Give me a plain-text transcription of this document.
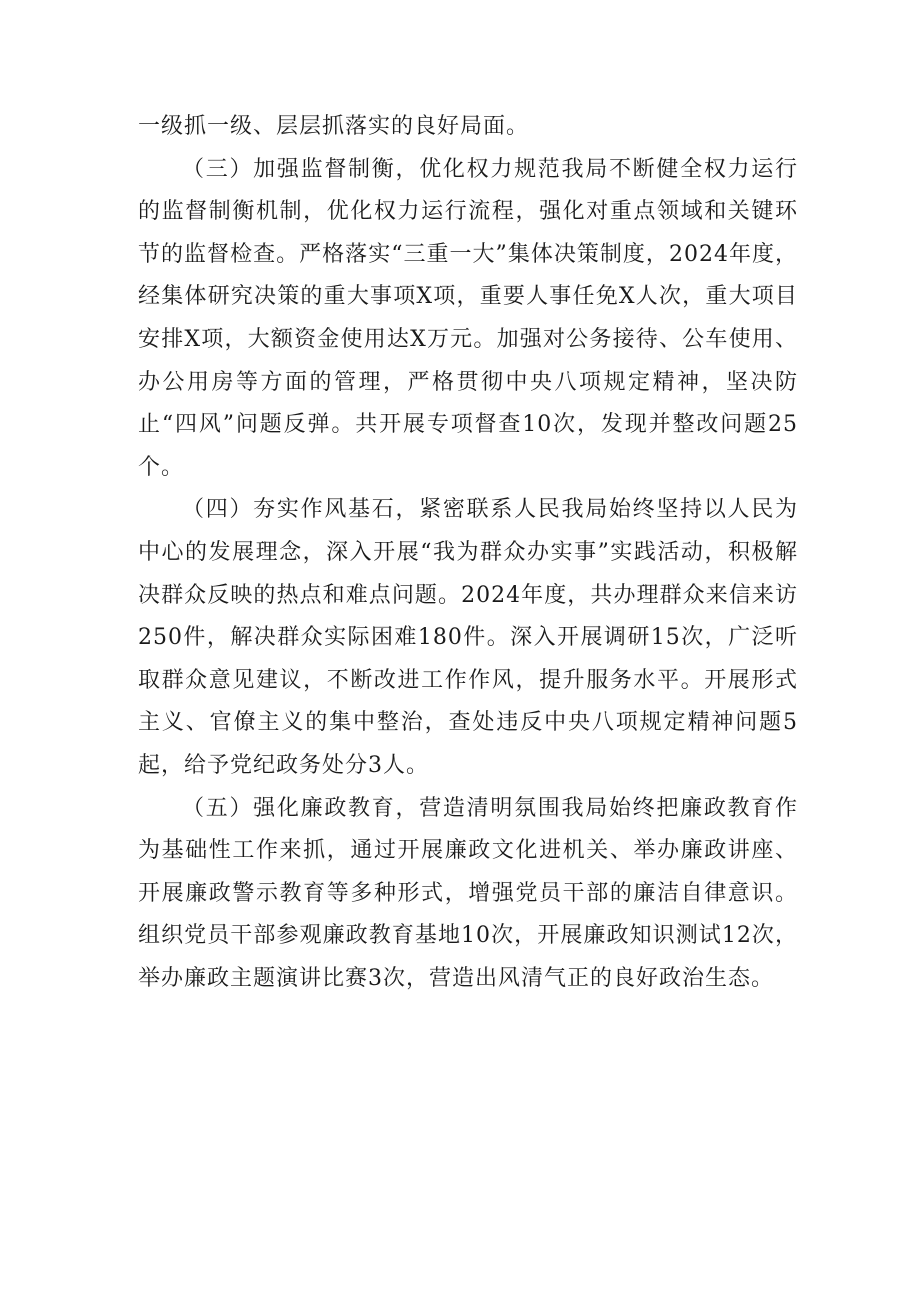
一级抓一级、层层抓落实的良好局面。

（三）加强监督制衡，优化权力规范我局不断健全权力运行的监督制衡机制，优化权力运行流程，强化对重点领域和关键环节的监督检查。严格落实“三重一大”集体决策制度，2024年度，经集体研究决策的重大事项X项，重要人事任免X人次，重大项目安排X项，大额资金使用达X万元。加强对公务接待、公车使用、办公用房等方面的管理，严格贯彻中央八项规定精神，坚决防止“四风”问题反弹。共开展专项督查10次，发现并整改问题25个。

（四）夯实作风基石，紧密联系人民我局始终坚持以人民为中心的发展理念，深入开展“我为群众办实事”实践活动，积极解决群众反映的热点和难点问题。2024年度，共办理群众来信来访250件，解决群众实际困难180件。深入开展调研15次，广泛听取群众意见建议，不断改进工作作风，提升服务水平。开展形式主义、官僚主义的集中整治，查处违反中央八项规定精神问题5起，给予党纪政务处分3人。

（五）强化廉政教育，营造清明氛围我局始终把廉政教育作为基础性工作来抓，通过开展廉政文化进机关、举办廉政讲座、开展廉政警示教育等多种形式，增强党员干部的廉洁自律意识。组织党员干部参观廉政教育基地10次，开展廉政知识测试12次，举办廉政主题演讲比赛3次，营造出风清气正的良好政治生态。
